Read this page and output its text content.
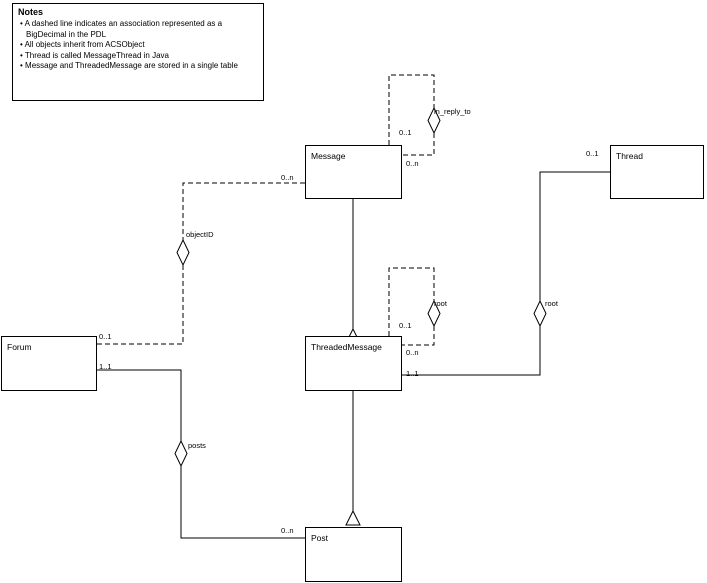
Notes
• A dashed line indicates an association represented as a BigDecimal in the PDL
• All objects inherit from ACSObject
• Thread is called MessageThread in Java
• Message and ThreadedMessage are stored in a single table
Message	Thread
Forum	ThreadedMessage
Post
in_reply_to
objectID
root	root
posts
0..1
0..n
0..n
0..1
0..1
0..n
1..1
0..1
1..1
0..n
